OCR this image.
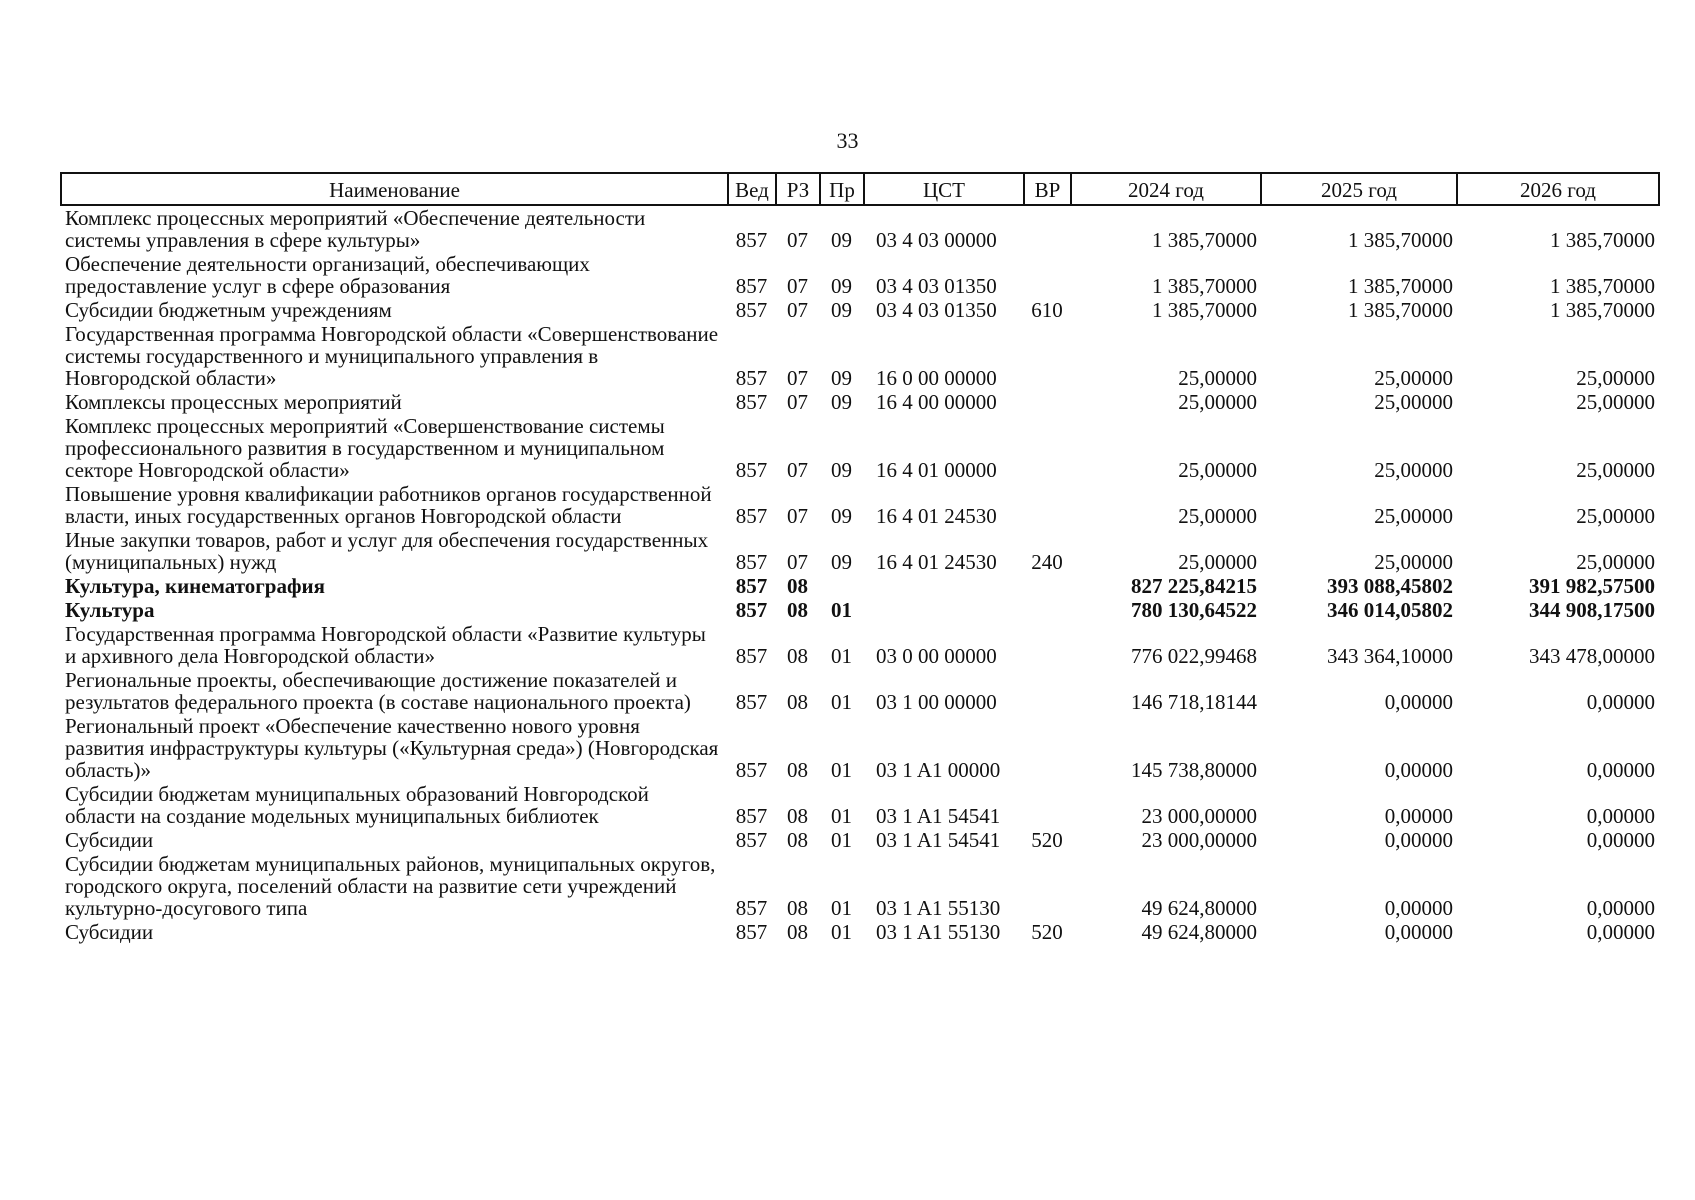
33
Наименование	Вед	РЗ	Пр	ЦСТ	ВР	2024 год	2025 год	2026 год
Комплекс процессных мероприятий «Обеспечение деятельности системы управления в сфере культуры»	857	07	09	03 4 03 00000		1 385,70000	1 385,70000	1 385,70000
Обеспечение деятельности организаций, обеспечивающих предоставление услуг в сфере образования	857	07	09	03 4 03 01350		1 385,70000	1 385,70000	1 385,70000
Субсидии бюджетным учреждениям	857	07	09	03 4 03 01350	610	1 385,70000	1 385,70000	1 385,70000
Государственная программа Новгородской области «Совершенствование системы государственного и муниципального управления в Новгородской области»	857	07	09	16 0 00 00000		25,00000	25,00000	25,00000
Комплексы процессных мероприятий	857	07	09	16 4 00 00000		25,00000	25,00000	25,00000
Комплекс процессных мероприятий «Совершенствование системы профессионального развития в государственном и муниципальном секторе Новгородской области»	857	07	09	16 4 01 00000		25,00000	25,00000	25,00000
Повышение уровня квалификации работников органов государственной власти, иных государственных органов Новгородской области	857	07	09	16 4 01 24530		25,00000	25,00000	25,00000
Иные закупки товаров, работ и услуг для обеспечения государственных (муниципальных) нужд	857	07	09	16 4 01 24530	240	25,00000	25,00000	25,00000
Культура, кинематография	857	08				827 225,84215	393 088,45802	391 982,57500
Культура	857	08	01			780 130,64522	346 014,05802	344 908,17500
Государственная программа Новгородской области «Развитие культуры и архивного дела Новгородской области»	857	08	01	03 0 00 00000		776 022,99468	343 364,10000	343 478,00000
Региональные проекты, обеспечивающие достижение показателей и результатов федерального проекта (в составе национального проекта)	857	08	01	03 1 00 00000		146 718,18144	0,00000	0,00000
Региональный проект «Обеспечение качественно нового уровня развития инфраструктуры культуры («Культурная среда») (Новгородская область)»	857	08	01	03 1 A1 00000		145 738,80000	0,00000	0,00000
Субсидии бюджетам муниципальных образований Новгородской области на создание модельных муниципальных библиотек	857	08	01	03 1 A1 54541		23 000,00000	0,00000	0,00000
Субсидии	857	08	01	03 1 A1 54541	520	23 000,00000	0,00000	0,00000
Субсидии бюджетам муниципальных районов, муниципальных округов, городского округа, поселений области на развитие сети учреждений культурно-досугового типа	857	08	01	03 1 A1 55130		49 624,80000	0,00000	0,00000
Субсидии	857	08	01	03 1 A1 55130	520	49 624,80000	0,00000	0,00000
